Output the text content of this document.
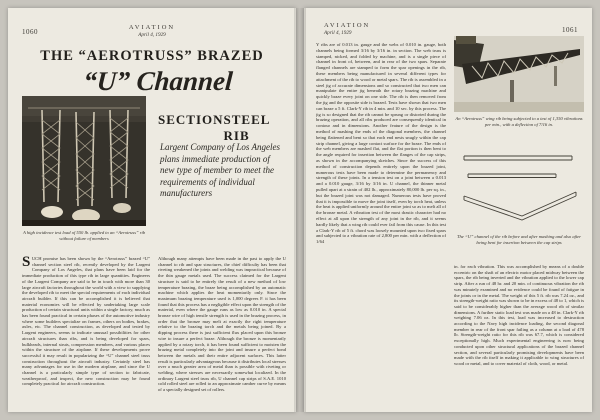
1060
AVIATION
April 4, 1929
THE “AEROTRUSS” BRAZED
“U” Channel
SECTION STEEL RIB
A high incidence test load of 550 lb. applied to an “Aerotruss” rib without failure of members
Largent Company of Los Angeles plans immediate production of new type of member to meet the requirements of individual manufacturers
SUCH promise has been shown by the “Aerotruss” brazed “U” channel section steel rib, recently developed by the Largent Company of Los Angeles, that plans have been laid for the immediate production of this type rib in large quantities. Engineers of the Largent Company are said to be in touch with more than 30 large aircraft factories throughout the world with a view to supplying the developed rib to meet the special requirements of each individual aircraft builder. If this can be accomplished it is believed that material economies will be effected by undertaking large scale production of certain structural units within a single factory, much as has been found practical in certain phases of the automotive industry where some builders specialize on frames, others on bodies, brakes, axles, etc. The channel construction, as developed and tested by Largent engineers, seems to indicate unusual possibilities for other aircraft structures than ribs, and is being developed for spars, bulkheads, internal struts, compression members, and various places within the structure of the airplane. If these developments prove successful it may result in popularizing the “U” channel steel truss construction throughout the aircraft industry. Certainly steel has many advantages for use in the modern airplane, and since the U channel is a particularly simple type of section to fabricate, weatherproof, and inspect, the new construction may be found completely practical for aircraft construction.
Although many attempts have been made in the past to apply the U channel to rib and spar structures, the chief difficulty has been that riveting weakened the joints and welding was impractical because of the thin gauge metals used. The success claimed for the Largent structure is said to be entirely the result of a new method of low temperature brazing, the braze being accomplished by an automatic machine which applies the heat momentarily only. Since the maximum brazing temperature used is 1,000 degrees F. it has been found that this process has a negligible effect upon the strength of the material, even where the gauge runs as low as 0.010 in. A special bronze wire of high tensile strength is used in the brazing process, in order that the bronze may melt at exactly the right temperature relative to the brazing torch and the metals being joined. By a dipping process there is just sufficient flux placed upon this bronze wire to insure a perfect braze. Although the bronze is momentarily applied by a rotary torch, it has been found sufficient to moisten the brazing metal completely into the joint and insure a perfect bond between the metals and their entire adjacent surfaces. This latter result is particularly advantageous because it distributes local stresses over a much greater area of metal than is possible with riveting or welding, where stresses are necessarily somewhat localized. In the ordinary Largent steel truss rib, U channel cap strips of S.A.E. 1010 cold rolled steel are rolled to an approximate camber curve by means of a specially designed set of rollers.
AVIATION
April 4, 1929	1061
Y ribs are of 0.013 in. gauge and the webs of 0.010 in. gauge, both channels being formed 3/16 by 3/16 in. in section. The web truss is stamped, nicked, and folded by machine, and is a single piece of channel in front of, between, and in rear of the two spars. Separate flanged channels are stamped to form the spar openings in the rib, these members being manufactured in several different types for attachment of the rib to wood or metal spars. The rib is assembled in a steel jig of accurate dimensions and so constructed that two men can manipulate the entire jig beneath the rotary brazing machine and quickly braze every joint on one side. The rib is then removed from the jig and the opposite side is brazed. Tests have shown that two men can braze a 5 ft. Clark-Y rib in 4 min. and 10 sec. by this process. The jig is so designed that the rib cannot be sprung or distorted during the brazing operation, and all ribs produced are consequently identical in contour and in dimensions. Another feature of the design is the method of mashing the ends of the diagonal members, the channel being flattened and bent so that each end nests snugly within the cap strip channel, giving a large contact surface for the braze. The ends of the web members are mashed flat, and the flat portion is then bent to the angle required for insertion between the flanges of the cap strips, as shown in the accompanying sketches. Since the success of this method of construction depends entirely upon the brazed joint, numerous tests have been made to determine the permanency and strength of these joints. In a tension test on a joint between a 0.013 and a 0.010 gauge, 3/16 by 3/16 in. U channel, the thinner metal pulled apart at a strain of 402 lb., approximately 80,000 lb. per sq. in., but the brazed joint was not damaged. Numerous tests have proved that it is impossible to move the joint itself, even by torch heat, unless the heat is applied uniformly around the entire joint so as to melt all of the bronze metal. A vibration test of the most drastic character had no effect at all upon the strength of any joint in the rib, and it seems hardly likely that a wing rib could ever fail from this cause. In this test a Clark-Y rib of 5 ft. chord was loosely mounted upon two fixed spars and subjected to a vibration rate of 2,800 per min. with a deflection of 1/64
An “Aerotruss” wing rib being subjected to a test of 1,350 vibrations per min., with a deflection of 7/16 in.
The “U” channel of the rib before and after mashing and also after being bent for insertion between the cap strips
in. for each vibration. This was accomplished by means of a double eccentric on the shaft of an electric motor placed midway between the spars, the rib being inverted and the vibration applied to the lower cap strip. After a run of 48 hr. and 20 min. of continuous vibration the rib was minutely examined and no evidence could be found of fatigue in the joints or in the metal. The weight of this 5 ft. rib was 7.24 oz., and its strength-weight ratio was shown to be in excess of 48 to 1, which is said to be considerably higher than the average wood rib of similar dimensions. A further static load test was made on a 48 in. Clark-Y rib weighing 7.06 oz. In this test, load was increased to destruction according to the Navy high incidence loading, the second diagonal member in rear of the front spar failing as a column at a load of 478 lb. Strength-weight ratio for this rib was 67.7, which is considered exceptionally high. Much experimental engineering is now being conducted upon other structural applications of the brazed channel section, and several particularly promising developments have been made with the rib itself in making it applicable to wing structures of wood or metal, and to cover material of cloth, wood, or metal.
